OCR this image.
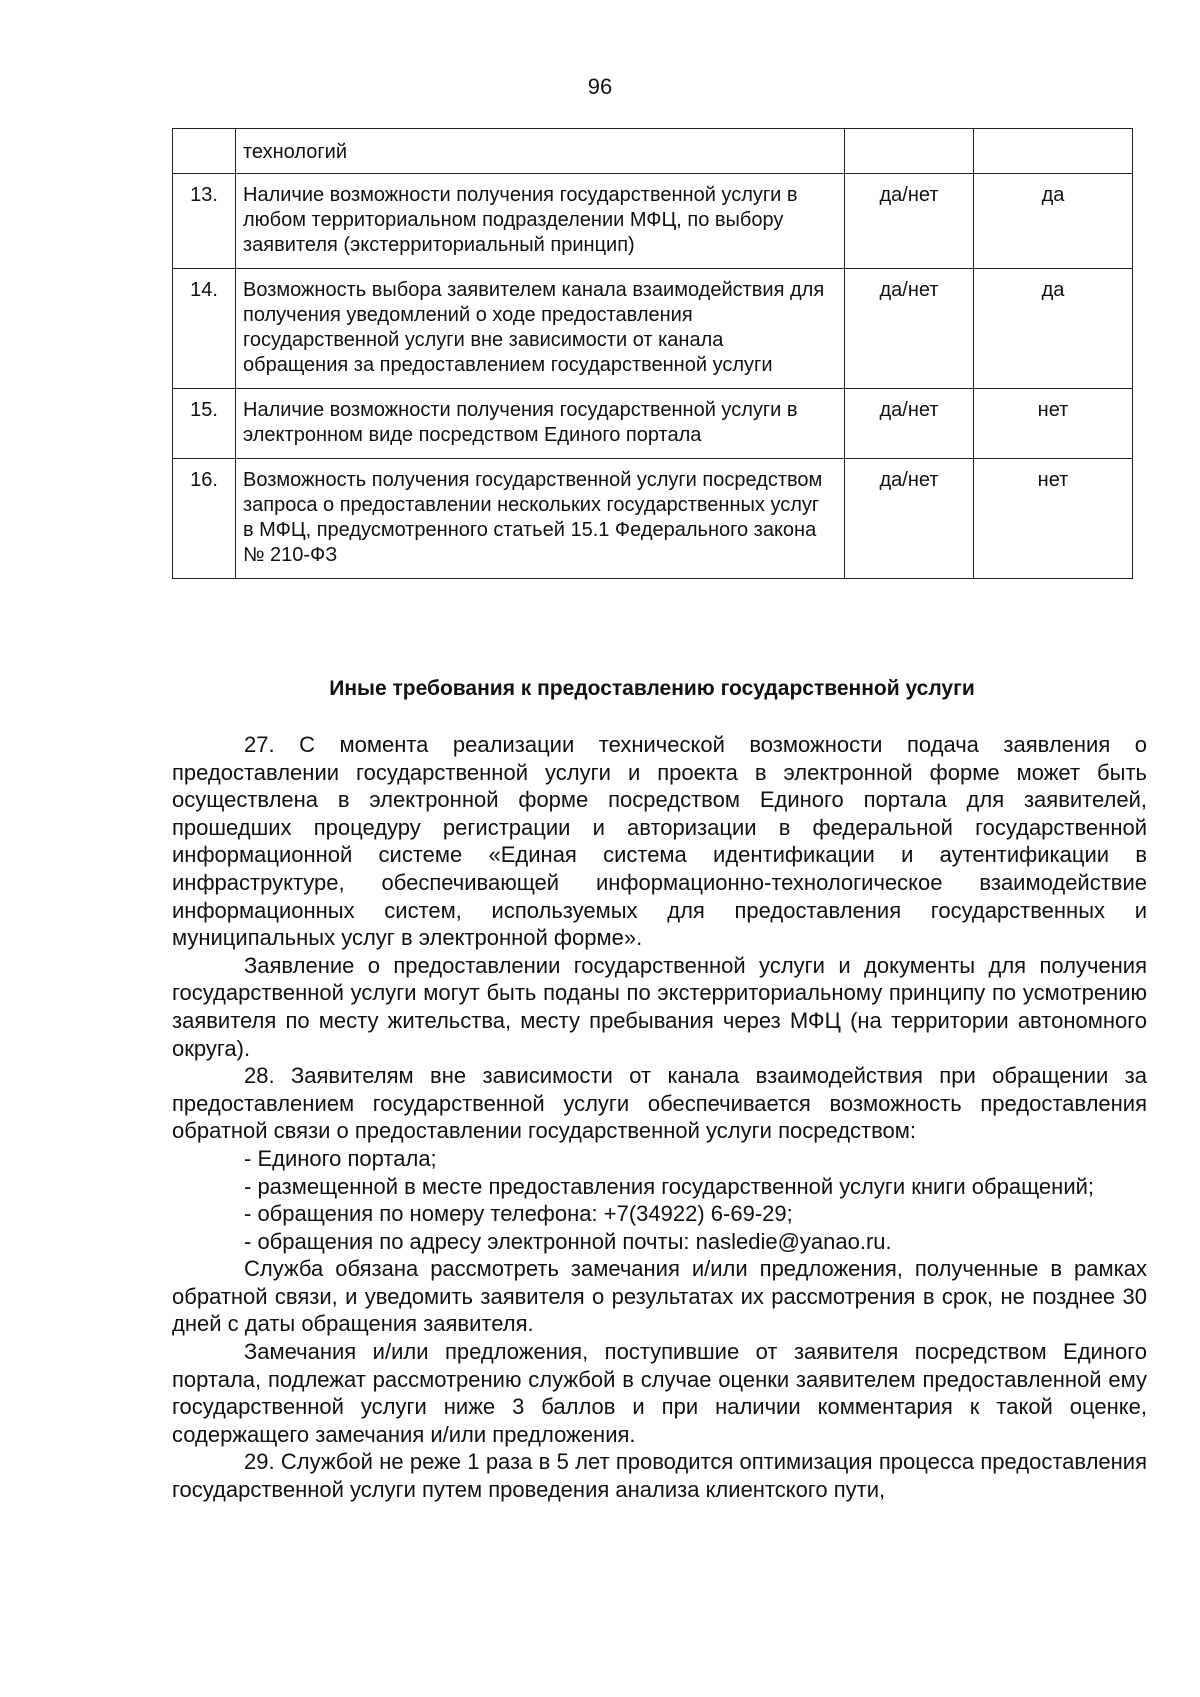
96
	технологий		
13.	Наличие возможности получения государственной услуги в любом территориальном подразделении МФЦ, по выбору заявителя (экстерриториальный принцип)	да/нет	да
14.	Возможность выбора заявителем канала взаимодействия для получения уведомлений о ходе предоставления государственной услуги вне зависимости от канала обращения за предоставлением государственной услуги	да/нет	да
15.	Наличие возможности получения государственной услуги в электронном виде посредством Единого портала	да/нет	нет
16.	Возможность получения государственной услуги посредством запроса о предоставлении нескольких государственных услуг в МФЦ, предусмотренного статьей 15.1 Федерального закона № 210-ФЗ	да/нет	нет
Иные требования к предоставлению государственной услуги

27. С момента реализации технической возможности подача заявления о предоставлении государственной услуги и проекта в электронной форме может быть осуществлена в электронной форме посредством Единого портала для заявителей, прошедших процедуру регистрации и авторизации в федеральной государственной информационной системе «Единая система идентификации и аутентификации в инфраструктуре, обеспечивающей информационно-технологическое взаимодействие информационных систем, используемых для предоставления государственных и муниципальных услуг в электронной форме».

Заявление о предоставлении государственной услуги и документы для получения государственной услуги могут быть поданы по экстерриториальному принципу по усмотрению заявителя по месту жительства, месту пребывания через МФЦ (на территории автономного округа).

28. Заявителям вне зависимости от канала взаимодействия при обращении за предоставлением государственной услуги обеспечивается возможность предоставления обратной связи о предоставлении государственной услуги посредством:

- Единого портала;

- размещенной в месте предоставления государственной услуги книги обращений;

- обращения по номеру телефона: +7(34922) 6-69-29;

- обращения по адресу электронной почты: nasledie@yanao.ru.

Служба обязана рассмотреть замечания и/или предложения, полученные в рамках обратной связи, и уведомить заявителя о результатах их рассмотрения в срок, не позднее 30 дней с даты обращения заявителя.

Замечания и/или предложения, поступившие от заявителя посредством Единого портала, подлежат рассмотрению службой в случае оценки заявителем предоставленной ему государственной услуги ниже 3 баллов и при наличии комментария к такой оценке, содержащего замечания и/или предложения.

29. Службой не реже 1 раза в 5 лет проводится оптимизация процесса предоставления государственной услуги путем проведения анализа клиентского пути,
